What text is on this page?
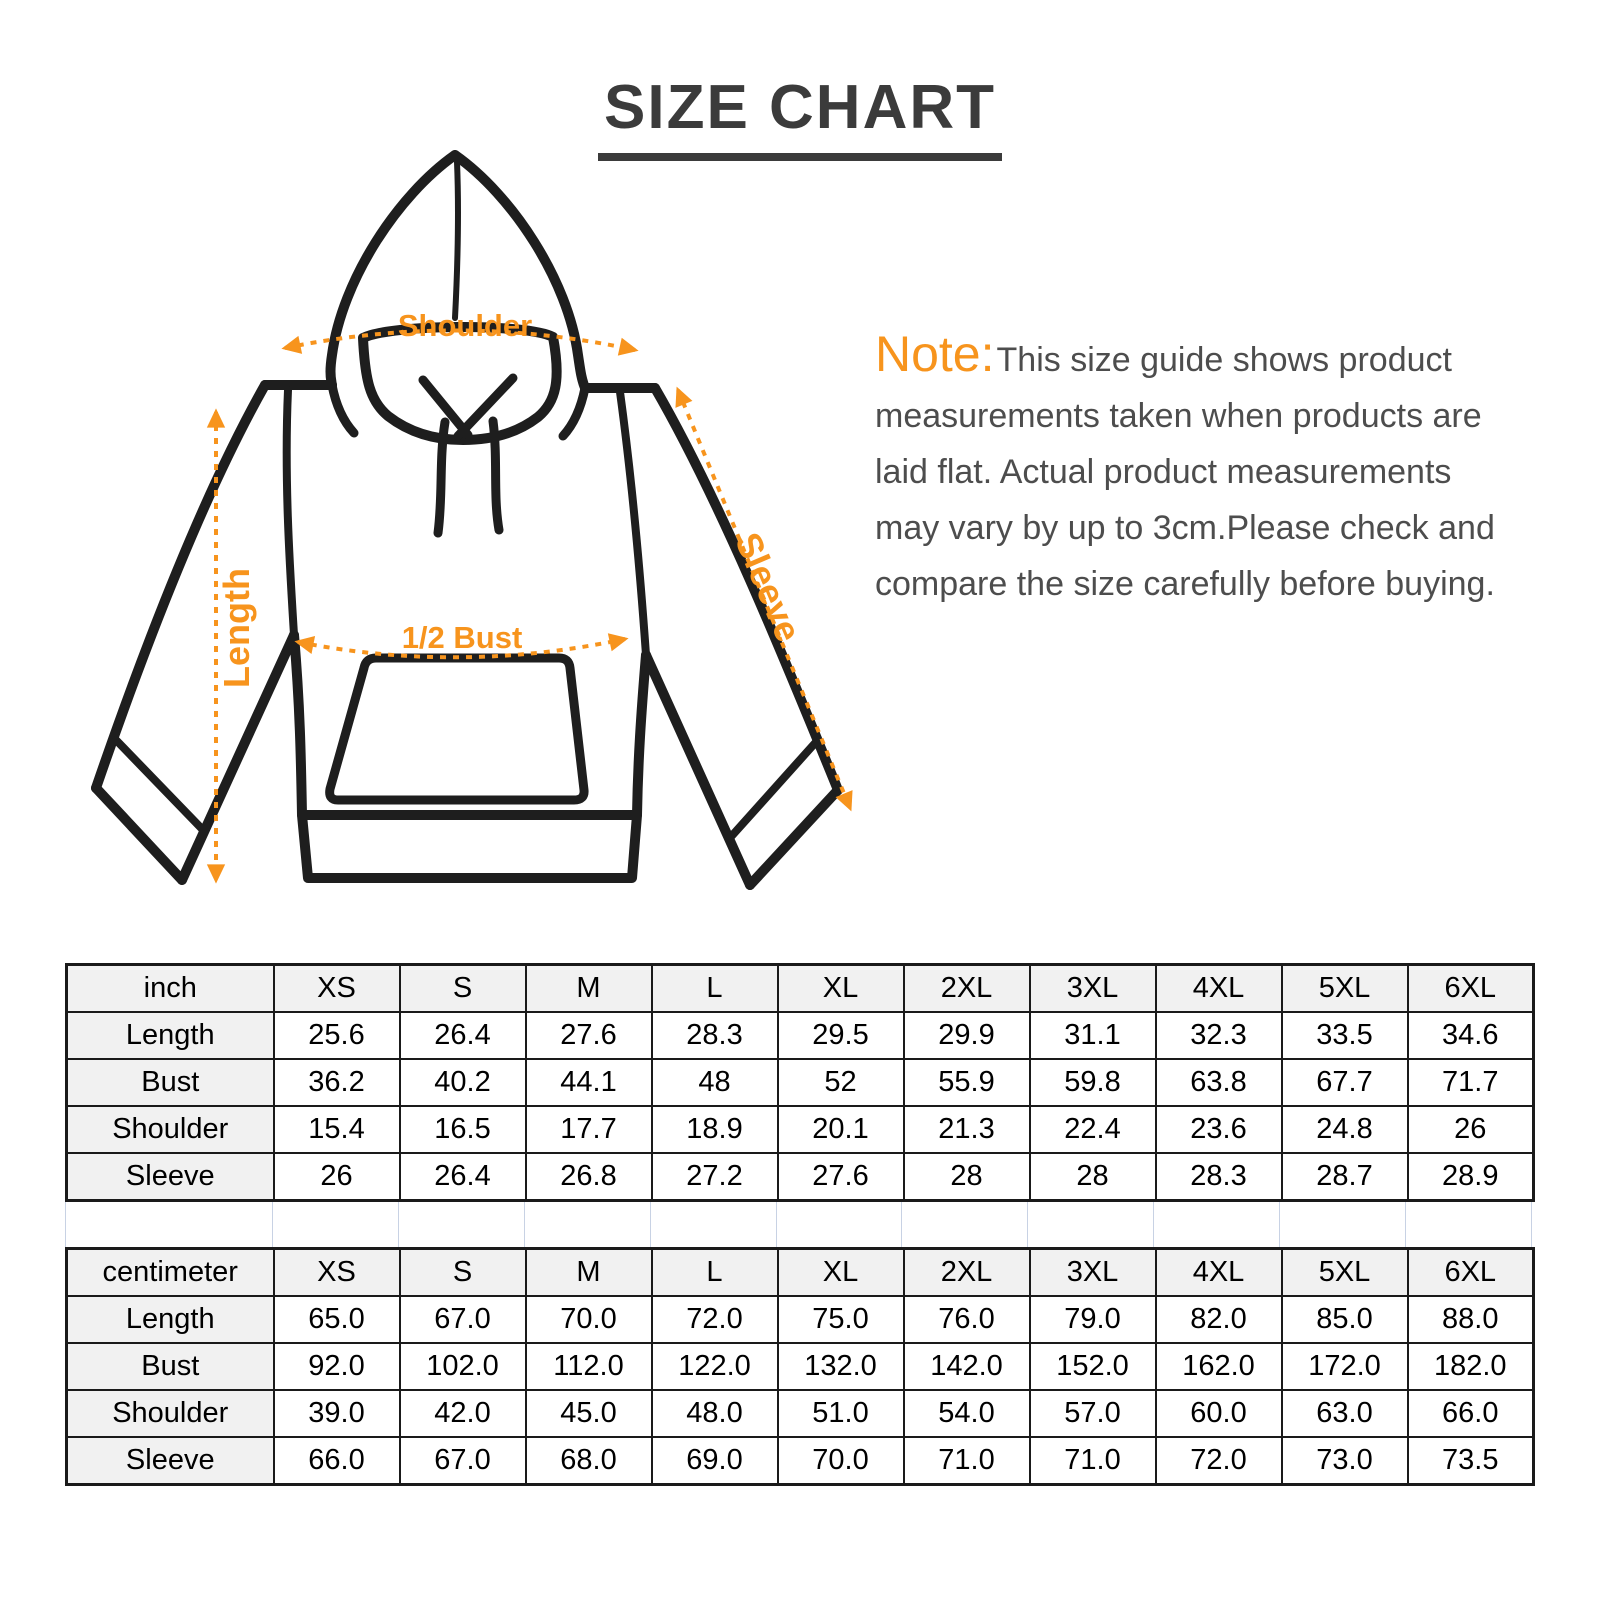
SIZE CHART
Shoulder
Length	1/2 Bust	Sleeve
Note:This size guide shows product
measurements taken when products are
laid flat. Actual product measurements
may vary by up to 3cm.Please check and
compare the size carefully before buying.
inch	XS	S	M	L	XL	2XL	3XL	4XL	5XL	6XL
Length	25.6	26.4	27.6	28.3	29.5	29.9	31.1	32.3	33.5	34.6
Bust	36.2	40.2	44.1	48	52	55.9	59.8	63.8	67.7	71.7
Shoulder	15.4	16.5	17.7	18.9	20.1	21.3	22.4	23.6	24.8	26
Sleeve	26	26.4	26.8	27.2	27.6	28	28	28.3	28.7	28.9
centimeter	XS	S	M	L	XL	2XL	3XL	4XL	5XL	6XL
Length	65.0	67.0	70.0	72.0	75.0	76.0	79.0	82.0	85.0	88.0
Bust	92.0	102.0	112.0	122.0	132.0	142.0	152.0	162.0	172.0	182.0
Shoulder	39.0	42.0	45.0	48.0	51.0	54.0	57.0	60.0	63.0	66.0
Sleeve	66.0	67.0	68.0	69.0	70.0	71.0	71.0	72.0	73.0	73.5
